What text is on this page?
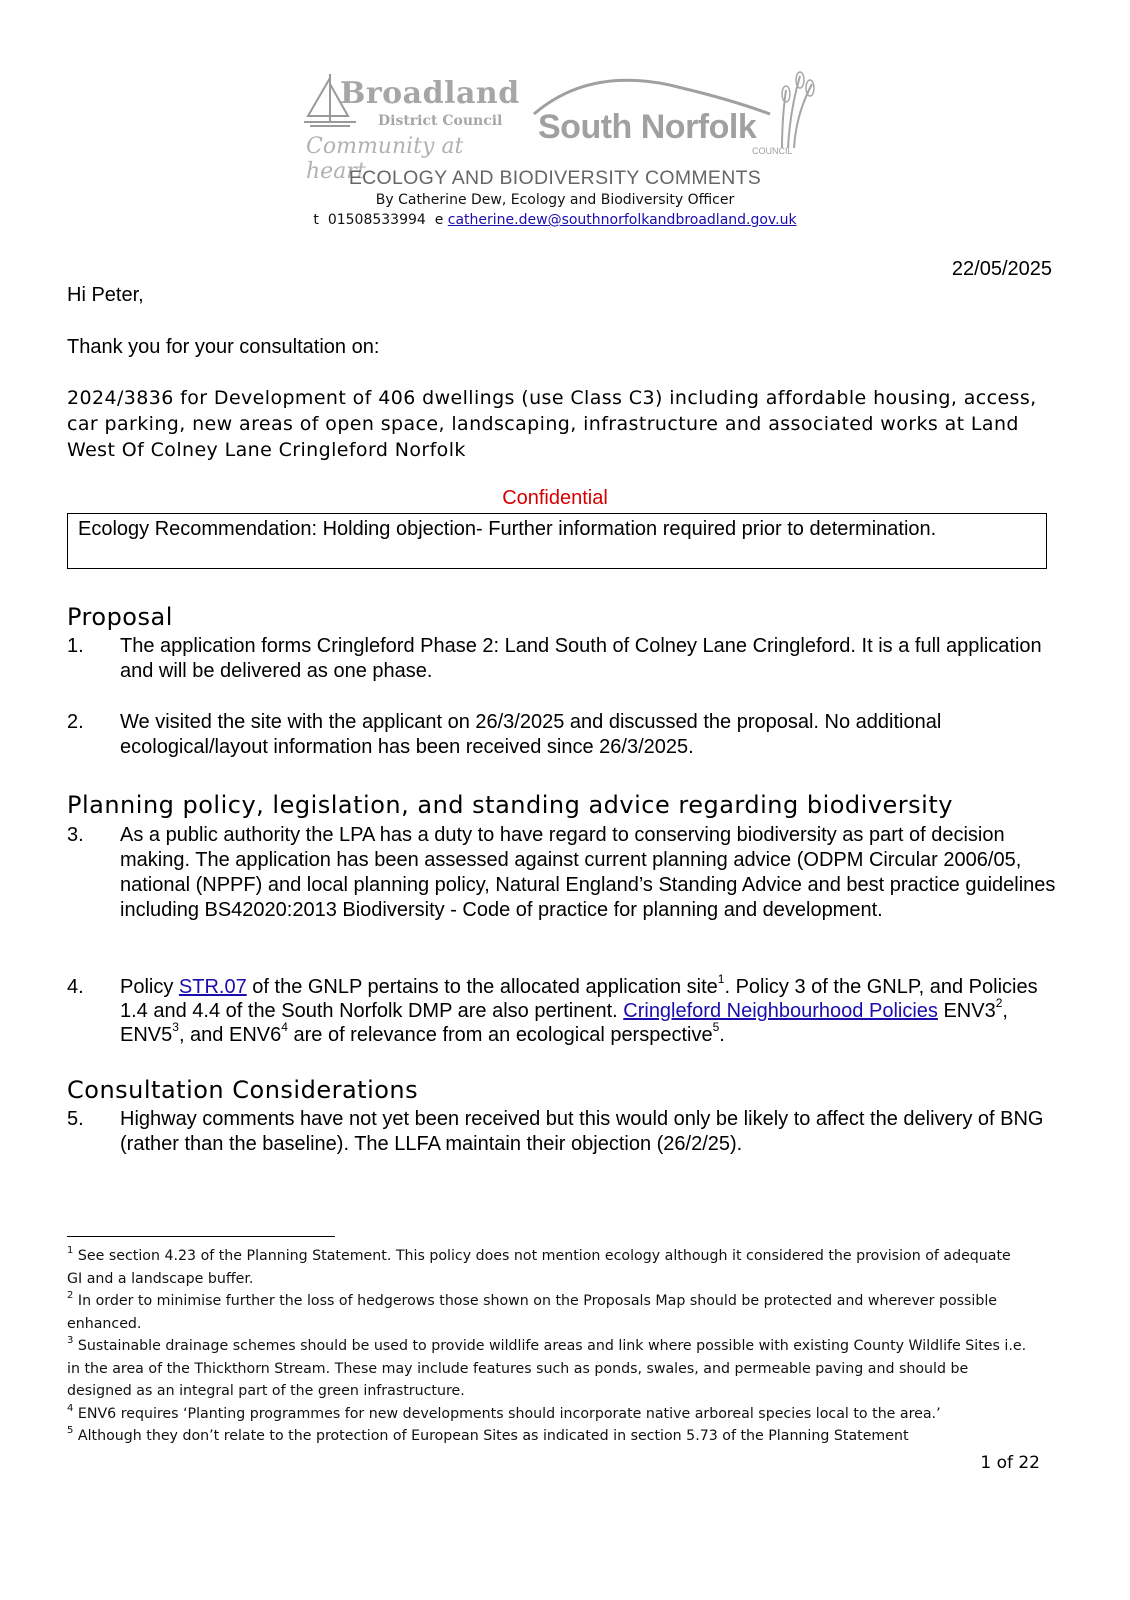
Broadland
District Council
Community at heart
South Norfolk
COUNCIL
ECOLOGY AND BIODIVERSITY COMMENTS
By Catherine Dew, Ecology and Biodiversity Officer
t 01508533994 e catherine.dew@southnorfolkandbroadland.gov.uk
22/05/2025
Hi Peter,
Thank you for your consultation on:
2024/3836 for Development of 406 dwellings (use Class C3) including affordable housing, access, car parking, new areas of open space, landscaping, infrastructure and associated works at Land West Of Colney Lane Cringleford Norfolk
Confidential
Ecology Recommendation: Holding objection- Further information required prior to determination.
Proposal
1.	The application forms Cringleford Phase 2: Land South of Colney Lane Cringleford. It is a full application and will be delivered as one phase.
2.	We visited the site with the applicant on 26/3/2025 and discussed the proposal. No additional ecological/layout information has been received since 26/3/2025.
Planning policy, legislation, and standing advice regarding biodiversity
3.	As a public authority the LPA has a duty to have regard to conserving biodiversity as part of decision making. The application has been assessed against current planning advice (ODPM Circular 2006/05, national (NPPF) and local planning policy, Natural England’s Standing Advice and best practice guidelines including BS42020:2013 Biodiversity - Code of practice for planning and development.
4.	Policy STR.07 of the GNLP pertains to the allocated application site$^1$. Policy 3 of the GNLP, and Policies 1.4 and 4.4 of the South Norfolk DMP are also pertinent. Cringleford Neighbourhood Policies $ENV3^2$, $ENV5^3$, and $ENV6^4$ are of relevance from an ecological perspective$^5$.
Consultation Considerations
5.	Highway comments have not yet been received but this would only be likely to affect the delivery of BNG (rather than the baseline). The LLFA maintain their objection (26/2/25).

$^1$ See section 4.23 of the Planning Statement. This policy does not mention ecology although it considered the provision of adequate GI and a landscape buffer.

$^2$ In order to minimise further the loss of hedgerows those shown on the Proposals Map should be protected and wherever possible enhanced.

$^3$ Sustainable drainage schemes should be used to provide wildlife areas and link where possible with existing County Wildlife Sites i.e. in the area of the Thickthorn Stream. These may include features such as ponds, swales, and permeable paving and should be designed as an integral part of the green infrastructure.

$^4$ ENV6 requires ‘Planting programmes for new developments should incorporate native arboreal species local to the area.’

$^5$ Although they don’t relate to the protection of European Sites as indicated in section 5.73 of the Planning Statement

1 of 22
